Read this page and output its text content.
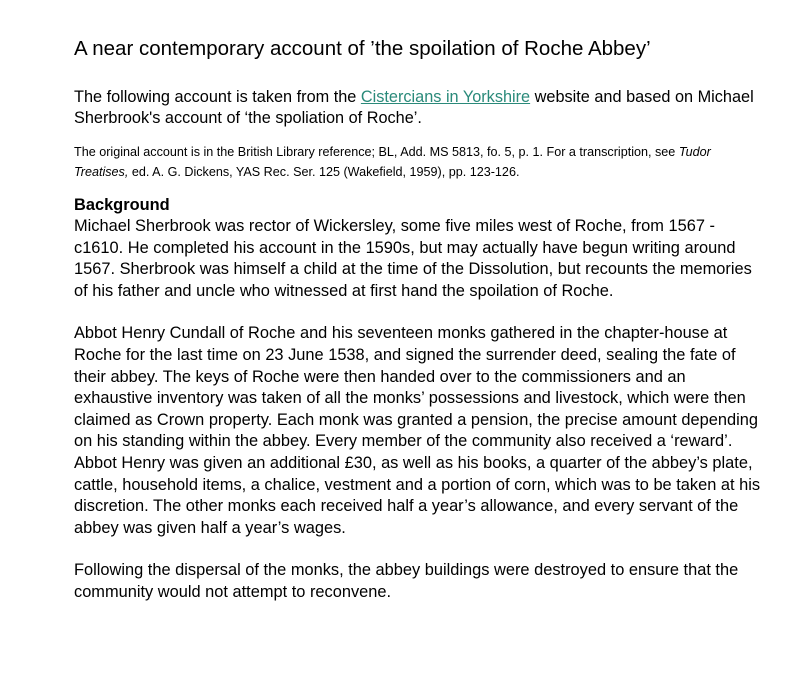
A near contemporary account of ’the spoilation of Roche Abbey’

The following account is taken from the Cistercians in Yorkshire website and based on Michael Sherbrook's account of ‘the spoliation of Roche’.

The original account is in the British Library reference; BL, Add. MS 5813, fo. 5, p. 1. For a transcription, see Tudor Treatises, ed. A. G. Dickens, YAS Rec. Ser. 125 (Wakefield, 1959), pp. 123-126.

Background

Michael Sherbrook was rector of Wickersley, some five miles west of Roche, from 1567 - c1610. He completed his account in the 1590s, but may actually have begun writing around 1567. Sherbrook was himself a child at the time of the Dissolution, but recounts the memories of his father and uncle who witnessed at first hand the spoilation of Roche.

Abbot Henry Cundall of Roche and his seventeen monks gathered in the chapter-house at Roche for the last time on 23 June 1538, and signed the surrender deed, sealing the fate of their abbey. The keys of Roche were then handed over to the commissioners and an exhaustive inventory was taken of all the monks’ possessions and livestock, which were then claimed as Crown property. Each monk was granted a pension, the precise amount depending on his standing within the abbey. Every member of the community also received a ‘reward’. Abbot Henry was given an additional £30, as well as his books, a quarter of the abbey’s plate, cattle, household items, a chalice, vestment and a portion of corn, which was to be taken at his discretion. The other monks each received half a year’s allowance, and every servant of the abbey was given half a year’s wages.

Following the dispersal of the monks, the abbey buildings were destroyed to ensure that the community would not attempt to reconvene.
